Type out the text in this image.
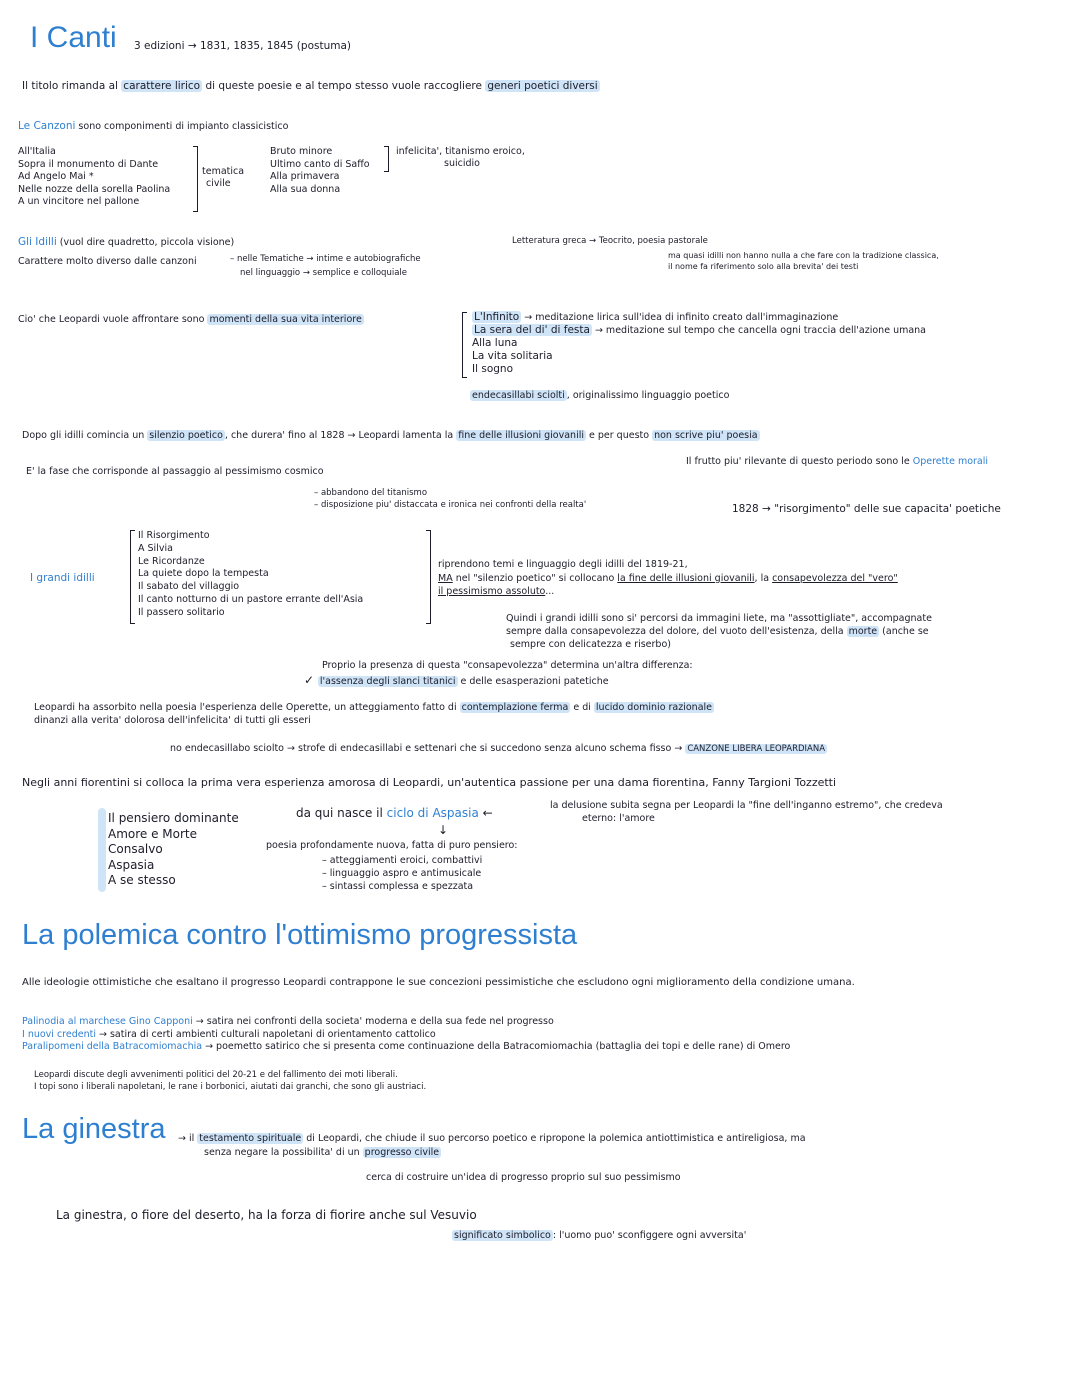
I Canti 3 edizioni → 1831, 1835, 1845 (postuma)
Il titolo rimanda al carattere lirico di queste poesie e al tempo stesso vuole raccogliere generi poetici diversi
Le Canzoni sono componimenti di impianto classicistico
All'Italia
Sopra il monumento di Dante
Ad Angelo Mai *
Nelle nozze della sorella Paolina
A un vincitore nel pallone
tematica
civile
Bruto minore
Ultimo canto di Saffo
Alla primavera
Alla sua donna
infelicita', titanismo eroico,
suicidio
Gli Idilli (vuol dire quadretto, piccola visione)
Carattere molto diverso dalle canzoni	– nelle Tematiche → intime e autobiografiche
nel linguaggio → semplice e colloquiale
Letteratura greca → Teocrito, poesia pastorale
ma quasi idilli non hanno nulla a che fare con la tradizione classica,
il nome fa riferimento solo alla brevita' dei testi
Cio' che Leopardi vuole affrontare sono momenti della sua vita interiore	L'Infinito → meditazione lirica sull'idea di infinito creato dall'immaginazione
La sera del di' di festa → meditazione sul tempo che cancella ogni traccia dell'azione umana
Alla luna
La vita solitaria
Il sogno
endecasillabi sciolti , originalissimo linguaggio poetico
Dopo gli idilli comincia un silenzio poetico , che durera' fino al 1828 → Leopardi lamenta la fine delle illusioni giovanili e per questo non scrive piu' poesia
E' la fase che corrisponde al passaggio al pessimismo cosmico
Il frutto piu' rilevante di questo periodo sono le Operette morali
– abbandono del titanismo
– disposizione piu' distaccata e ironica nei confronti della realta'	1828 → "risorgimento" delle sue capacita' poetiche
I grandi idilli
Il Risorgimento
A Silvia
Le Ricordanze
La quiete dopo la tempesta
Il sabato del villaggio
Il canto notturno di un pastore errante dell'Asia
Il passero solitario
riprendono temi e linguaggio degli idilli del 1819-21,
MA nel "silenzio poetico" si collocano la fine delle illusioni giovanili, la consapevolezza del "vero"
il pessimismo assoluto...
Quindi i grandi idilli sono si' percorsi da immagini liete, ma "assottigliate", accompagnate
sempre dalla consapevolezza del dolore, del vuoto dell'esistenza, della morte (anche se
sempre con delicatezza e riserbo)
Proprio la presenza di questa "consapevolezza" determina un'altra differenza:
✓ l'assenza degli slanci titanici e delle esasperazioni patetiche
Leopardi ha assorbito nella poesia l'esperienza delle Operette, un atteggiamento fatto di contemplazione ferma e di lucido dominio razionale
dinanzi alla verita' dolorosa dell'infelicita' di tutti gli esseri
no endecasillabo sciolto → strofe di endecasillabi e settenari che si succedono senza alcuno schema fisso → CANZONE LIBERA LEOPARDIANA
Negli anni fiorentini si colloca la prima vera esperienza amorosa di Leopardi, un'autentica passione per una dama fiorentina, Fanny Targioni Tozzetti
Il pensiero dominante
Amore e Morte
Consalvo
Aspasia
A se stesso
da qui nasce il ciclo di Aspasia ←
la delusione subita segna per Leopardi la "fine dell'inganno estremo", che credeva
eterno: l'amore
↓
poesia profondamente nuova, fatta di puro pensiero:
– atteggiamenti eroici, combattivi
– linguaggio aspro e antimusicale
– sintassi complessa e spezzata
La polemica contro l'ottimismo progressista
Alle ideologie ottimistiche che esaltano il progresso Leopardi contrappone le sue concezioni pessimistiche che escludono ogni miglioramento della condizione umana.
Palinodia al marchese Gino Capponi → satira nei confronti della societa' moderna e della sua fede nel progresso
I nuovi credenti → satira di certi ambienti culturali napoletani di orientamento cattolico
Paralipomeni della Batracomiomachia → poemetto satirico che si presenta come continuazione della Batracomiomachia (battaglia dei topi e delle rane) di Omero
Leopardi discute degli avvenimenti politici del 20-21 e del fallimento dei moti liberali.
I topi sono i liberali napoletani, le rane i borbonici, aiutati dai granchi, che sono gli austriaci.
La ginestra → il testamento spirituale di Leopardi, che chiude il suo percorso poetico e ripropone la polemica antiottimistica e antireligiosa, ma
senza negare la possibilita' di un progresso civile
cerca di costruire un'idea di progresso proprio sul suo pessimismo
La ginestra, o fiore del deserto, ha la forza di fiorire anche sul Vesuvio
significato simbolico : l'uomo puo' sconfiggere ogni avversita'
